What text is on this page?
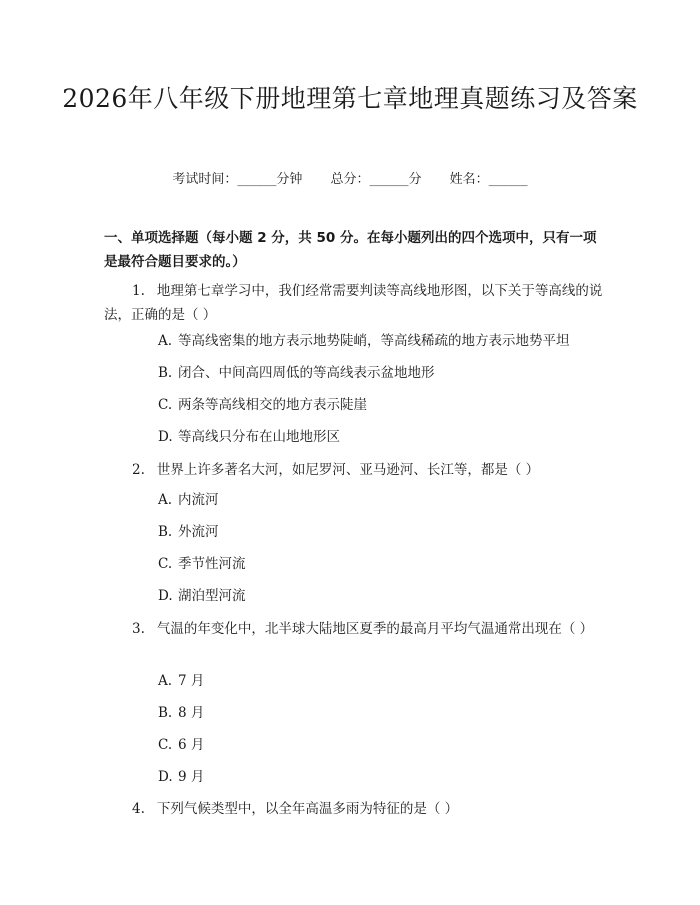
2026年八年级下册地理第七章地理真题练习及答案
考试时间：______分钟 总分：______分 姓名：______
一、单项选择题（每小题 2 分，共 50 分。在每小题列出的四个选项中，只有一项是最符合题目要求的。）
1. 地理第七章学习中，我们经常需要判读等高线地形图，以下关于等高线的说法，正确的是（ ）
A. 等高线密集的地方表示地势陡峭，等高线稀疏的地方表示地势平坦
B. 闭合、中间高四周低的等高线表示盆地地形
C. 两条等高线相交的地方表示陡崖
D. 等高线只分布在山地地形区
2. 世界上许多著名大河，如尼罗河、亚马逊河、长江等，都是（ ）
A. 内流河
B. 外流河
C. 季节性河流
D. 湖泊型河流
3. 气温的年变化中，北半球大陆地区夏季的最高月平均气温通常出现在（ ）
A. 7 月
B. 8 月
C. 6 月
D. 9 月
4. 下列气候类型中，以全年高温多雨为特征的是（ ）
